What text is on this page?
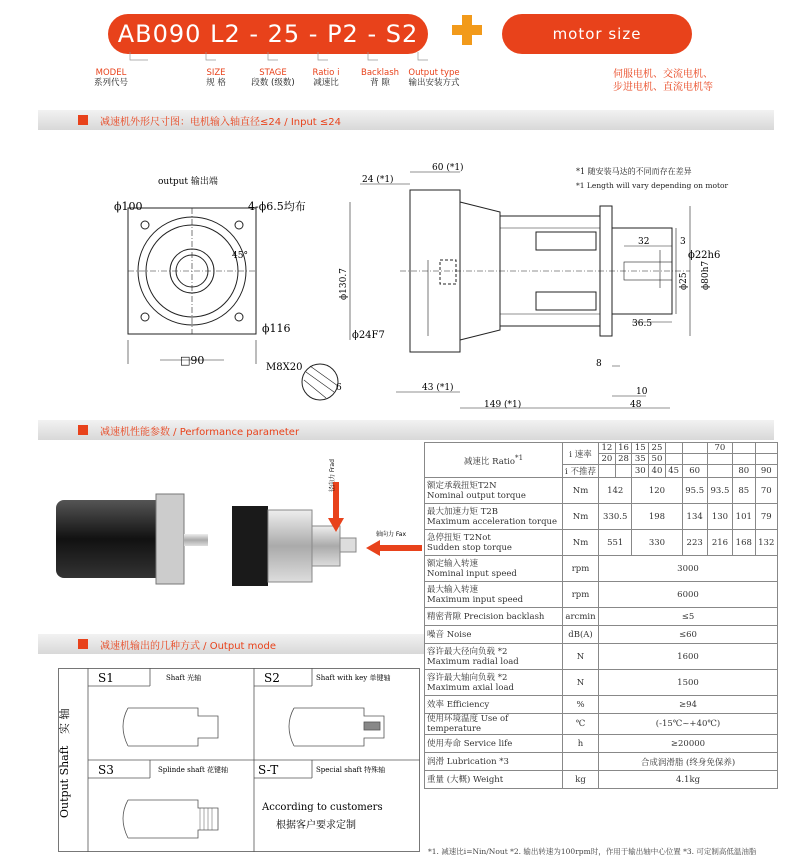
AB090 L2 - 25 - P2 - S2	motor size
MODEL
系列代号
SIZE
规 格
STAGE
段数 (级数)
Ratio i
减速比
Backlash
背 隙
Output type
输出安装方式
伺服电机、交流电机、
步进电机、直流电机等
减速机外形尺寸图：电机输入轴直径≤24 / Input ≤24
output 输出端
ϕ100	4-ϕ6.5均布
45°
ϕ116
□90
M8X20
6
60 (*1)
24 (*1)
ϕ130.7
ϕ24F7
32	3
ϕ22h6
ϕ25 ϕ80h7
36.5
8
43 (*1)	10
149 (*1)	48
*1 随安装马达的不同而存在差异
*1 Length will vary depending on motor
减速机性能参数 / Performance parameter
径向力 Frad
轴向力 Fax
减速机输出的几种方式 / Output mode
Output Shaft
实 轴
S1	Shaft 光轴	S2	Shaft with key 单键轴
S3	Splinde shaft 花键轴 S-T	Special shaft 特殊轴
According to customers
根据客户要求定制
减速比 Ratio$^{*1}$	i 速率	12	16	15	25			70		
		20	28	35	50					
	i 不推荐			30	40	45	60		80	90

额定承载扭矩T2N
Nominal output torque	Nm	142		120			95.5	93.5	85	70

最大加速力矩 T2B
Maximum acceleration torque	Nm	330.5		198			134	130	101	79

急停扭矩 T2Not
Sudden stop torque	Nm	551		330			223	216	168	132

额定输入转速
Nominal input speed	rpm	3000								

最大输入转速
Maximum input speed	rpm	6000								
精密背隙 Precision backlash	arcmin	≤5								
噪音 Noise	dB(A)	≤60								

容许最大径向负载 *2
Maximum radial load	N	1600								

容许最大轴向负载 *2
Maximum axial load	N	1500								
效率 Efficiency	%	≥94								
使用环境温度 Use of temperature	℃	(-15℃~+40℃)								
使用寿命 Service life	h	≥20000								
润滑 Lubrication *3		合成润滑脂 (终身免保养)								
重量 (大概) Weight	kg	4.1kg								
*1. 减速比i=Nin/Nout *2. 输出转速为100rpm时，作用于输出轴中心位置 *3. 可定制高低温油脂
